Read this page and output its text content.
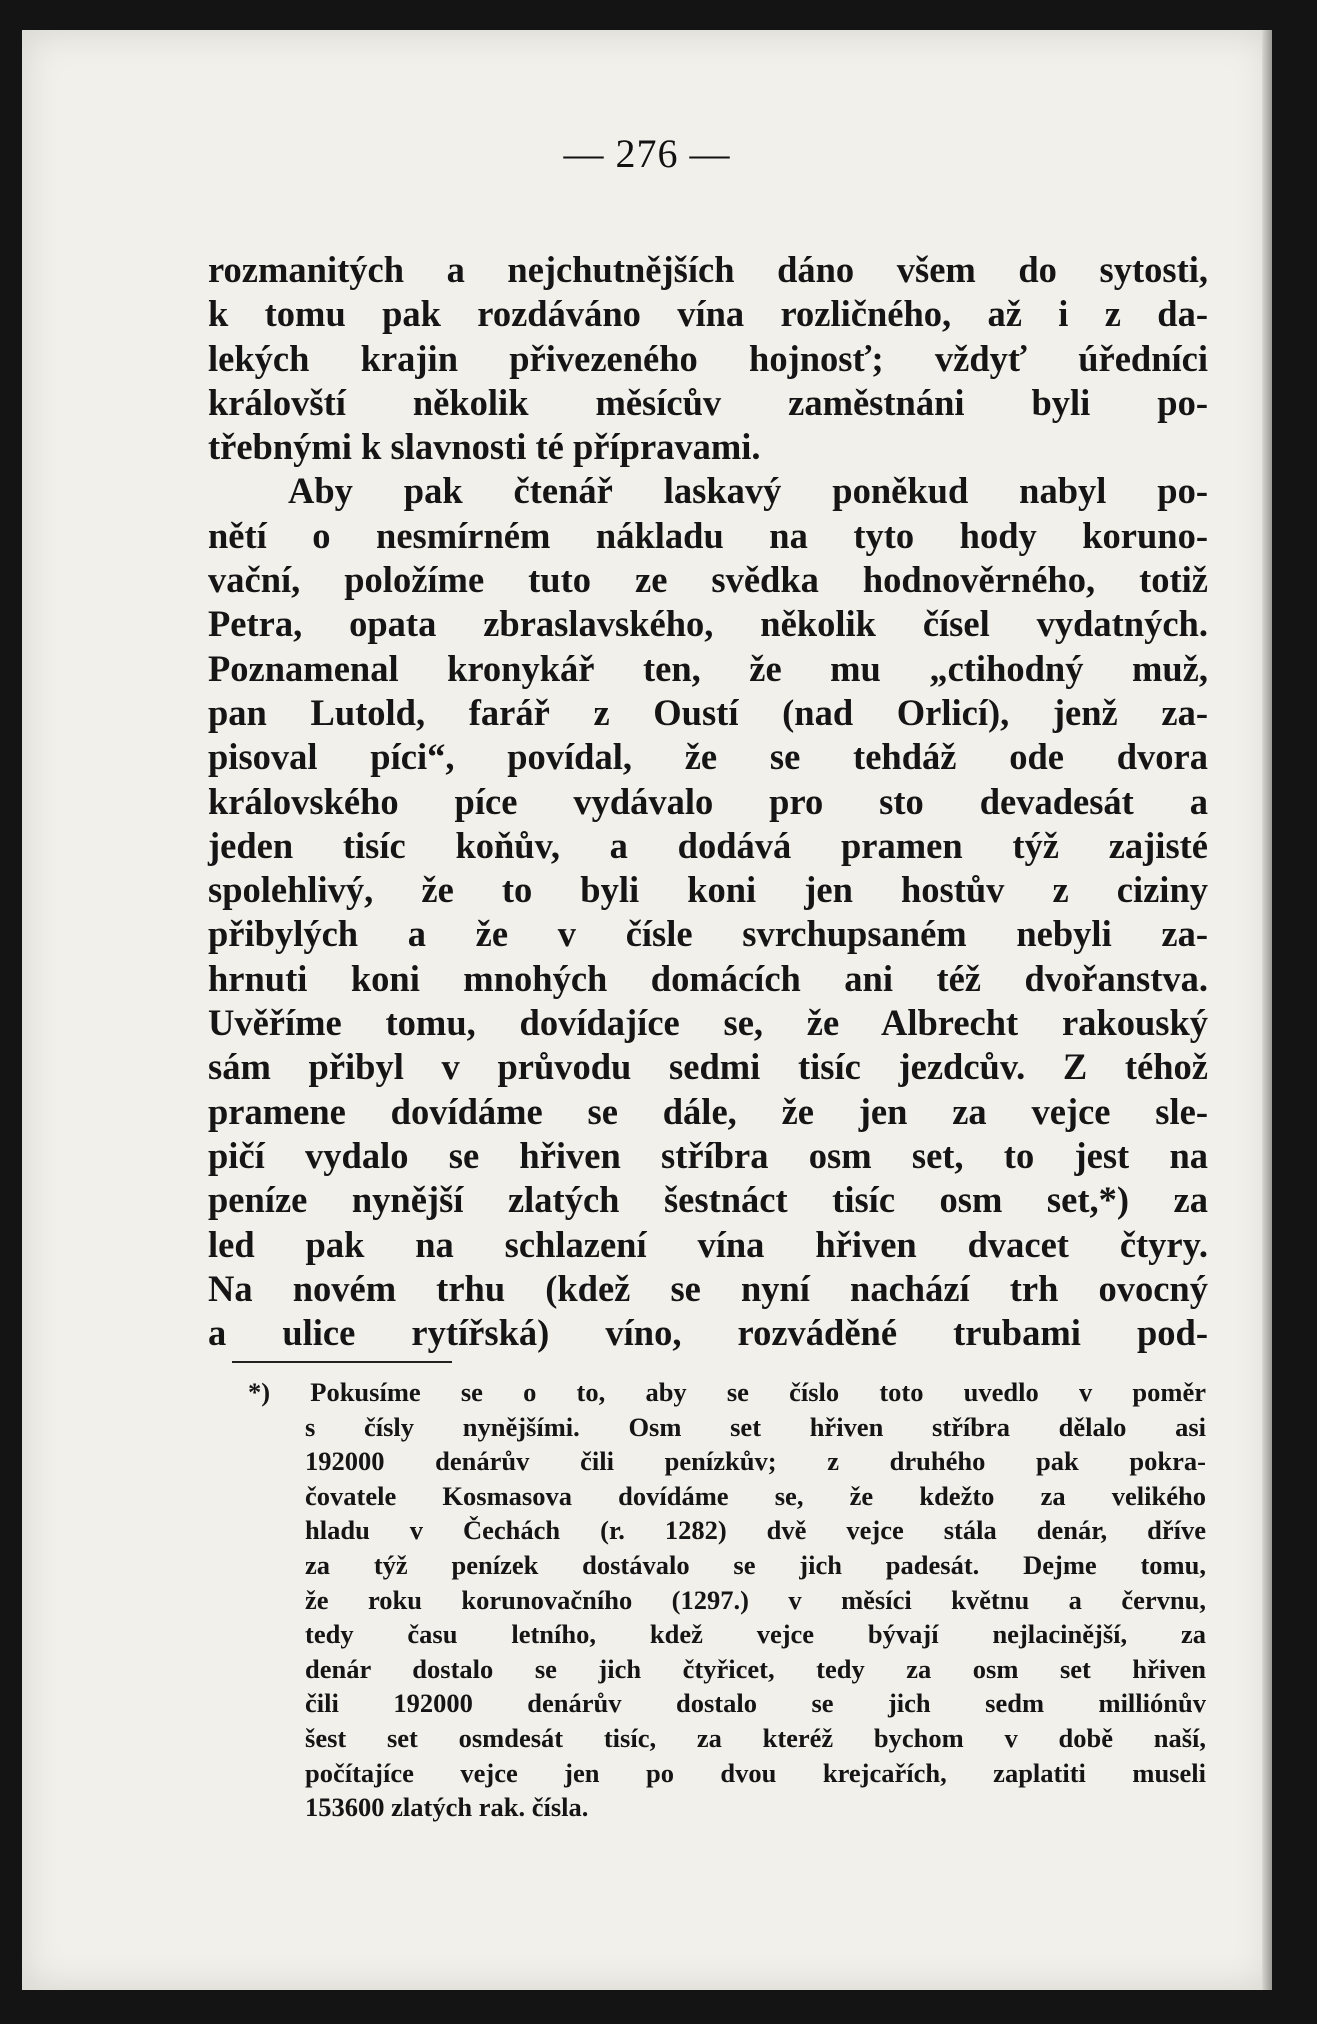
— 276 —
rozmanitých a nejchutnějších dáno všem do sytosti,
k tomu pak rozdáváno vína rozličného, až i z da-
lekých krajin přivezeného hojnosť; vždyť úředníci
královští několik měsícův zaměstnáni byli po-
třebnými k slavnosti té přípravami.
Aby pak čtenář laskavý poněkud nabyl po-
nětí o nesmírném nákladu na tyto hody koruno-
vační, položíme tuto ze svědka hodnověrného, totiž
Petra, opata zbraslavského, několik čísel vydatných.
Poznamenal kronykář ten, že mu „ctihodný muž,
pan Lutold, farář z Oustí (nad Orlicí), jenž za-
pisoval píci“, povídal, že se tehdáž ode dvora
královského píce vydávalo pro sto devadesát a
jeden tisíc koňův, a dodává pramen týž zajisté
spolehlivý, že to byli koni jen hostův z ciziny
přibylých a že v čísle svrchupsaném nebyli za-
hrnuti koni mnohých domácích ani též dvořanstva.
Uvěříme tomu, dovídajíce se, že Albrecht rakouský
sám přibyl v průvodu sedmi tisíc jezdcův. Z téhož
pramene dovídáme se dále, že jen za vejce sle-
pičí vydalo se hřiven stříbra osm set, to jest na
peníze nynější zlatých šestnáct tisíc osm set,*) za
led pak na schlazení vína hřiven dvacet čtyry.
Na novém trhu (kdež se nyní nachází trh ovocný
a ulice rytířská) víno, rozváděné trubami pod-
*) Pokusíme se o to, aby se číslo toto uvedlo v poměr
s čísly nynějšími. Osm set hřiven stříbra dělalo asi
192000 denárův čili penízkův; z druhého pak pokra-
čovatele Kosmasova dovídáme se, že kdežto za velikého
hladu v Čechách (r. 1282) dvě vejce stála denár, dříve
za týž penízek dostávalo se jich padesát. Dejme tomu,
že roku korunovačního (1297.) v měsíci květnu a červnu,
tedy času letního, kdež vejce bývají nejlacinější, za
denár dostalo se jich čtyřicet, tedy za osm set hřiven
čili 192000 denárův dostalo se jich sedm milliónův
šest set osmdesát tisíc, za kteréž bychom v době naší,
počítajíce vejce jen po dvou krejcařích, zaplatiti museli
153600 zlatých rak. čísla.
